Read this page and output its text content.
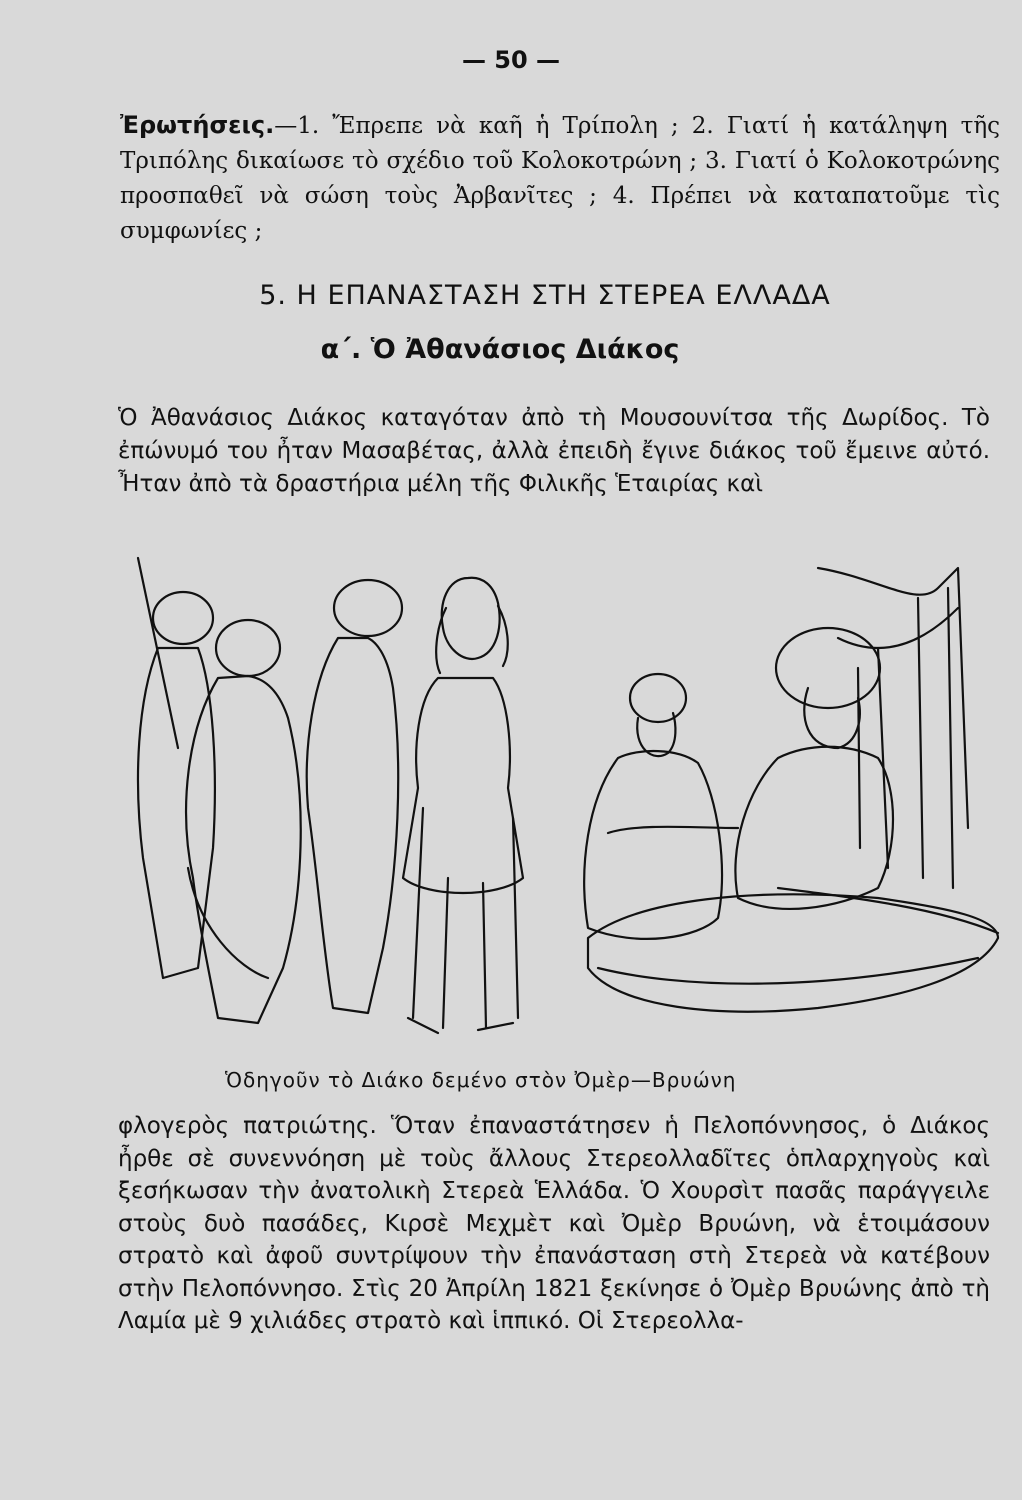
— 50 —
Ἐρωτήσεις.—1. Ἔπρεπε νὰ καῆ ἡ Τρίπολη ; 2. Γιατί ἡ κατάληψη τῆς Τριπόλης δικαίωσε τὸ σχέδιο τοῦ Κολοκοτρώνη ; 3. Γιατί ὁ Κολοκοτρώνης προσπαθεῖ νὰ σώση τοὺς Ἀρβανῖτες ; 4. Πρέπει νὰ καταπατοῦμε τὶς συμφωνίες ;
5. Η ΕΠΑΝΑΣΤΑΣΗ ΣΤΗ ΣΤΕΡΕΑ ΕΛΛΑΔΑ
α΄. Ὁ Ἀθανάσιος Διάκος
Ὁ Ἀθανάσιος Διάκος καταγόταν ἀπὸ τὴ Μουσουνίτσα τῆς Δωρίδος. Τὸ ἐπώνυμό του ἦταν Μασαβέτας, ἀλλὰ ἐπειδὴ ἔγινε διάκος τοῦ ἔμεινε αὐτό. Ἦταν ἀπὸ τὰ δραστήρια μέλη τῆς Φιλικῆς Ἑταιρίας καὶ
Ὁδηγοῦν τὸ Διάκο δεμένο στὸν Ὀμὲρ—Βρυώνη
φλογερὸς πατριώτης. Ὅταν ἐπαναστάτησεν ἡ Πελοπόννησος, ὁ Διάκος ἦρθε σὲ συνεννόηση μὲ τοὺς ἄλλους Στερεολλαδῖτες ὁπλαρχηγοὺς καὶ ξεσήκωσαν τὴν ἀνατολικὴ Στερεὰ Ἑλλάδα. Ὁ Χουρσὶτ πασᾶς παράγγειλε στοὺς δυὸ πασάδες, Κιρσὲ Μεχμὲτ καὶ Ὀμὲρ Βρυώνη, νὰ ἑτοιμάσουν στρατὸ καὶ ἀφοῦ συντρίψουν τὴν ἐπανάσταση στὴ Στερεὰ νὰ κατέβουν στὴν Πελοπόννησο. Στὶς 20 Ἀπρίλη 1821 ξεκίνησε ὁ Ὀμὲρ Βρυώνης ἀπὸ τὴ Λαμία μὲ 9 χιλιάδες στρατὸ καὶ ἱππικό. Οἱ Στερεολλα-
